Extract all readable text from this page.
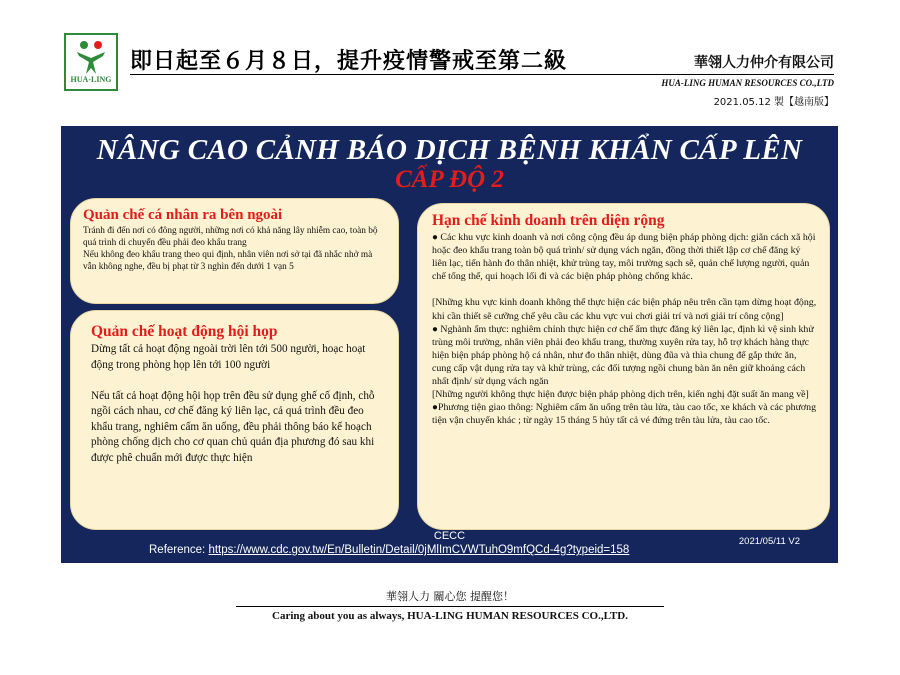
HUA-LING
即日起至６月８日，提升疫情警戒至第二級	華翎人力仲介有限公司
HUA-LING HUMAN RESOURCES CO.,LTD
2021.05.12 製【越南版】
NÂNG CAO CẢNH BÁO DỊCH BỆNH KHẨN CẤP LÊN
CẤP ĐỘ 2
Quản chế cá nhân ra bên ngoài

Tránh đi đến nơi có đông người, những nơi có khả năng lây nhiễm cao, toàn bộ quá trình di chuyển đều phải đeo khẩu trang
Nếu không đeo khẩu trang theo qui định, nhân viên nơi sở tại đã nhắc nhở mà vẫn không nghe, đều bị phạt từ 3 nghìn đến dưới 1 vạn 5

Quản chế hoạt động hội họp

Dừng tất cả hoạt động ngoài trời lên tới 500 người, hoạc hoạt động trong phòng họp lên tới 100 người

Nếu tất cả hoạt động hội họp trên đều sử dụng ghế cố định, chỗ ngồi cách nhau, cơ chế đăng ký liên lạc, cả quá trình đều đeo khẩu trang, nghiêm cấm ăn uống, đều phải thông báo kế hoạch phòng chống dịch cho cơ quan chủ quản địa phương đó sau khi được phê chuẩn mới được thực hiện

Hạn chế kinh doanh trên diện rộng

● Các khu vực kinh doanh và nơi công cộng đều áp dung biện pháp phòng dịch: giãn cách xã hội hoặc đeo khẩu trang toàn bộ quá trình/ sử dụng vách ngăn, đồng thời thiết lập cơ chế đăng ký liên lạc, tiến hành đo thân nhiệt, khử trùng tay, môi trường sạch sẽ, quản chế lượng người, quản chế tổng thể, qui hoạch lối đi và các biện pháp phòng chống khác.

[Những khu vực kinh doanh không thể thực hiện các biện pháp nêu trên cần tạm dừng hoạt động, khi cần thiết sẽ cưỡng chế yêu cầu các khu vực vui chơi giải trí và nơi giải trí công cộng]
● Nghành ẩm thực: nghiêm chỉnh thực hiện cơ chế ẩm thực đăng ký liên lạc, định kì vệ sinh khử trùng môi trường, nhân viên phải đeo khẩu trang, thường xuyên rửa tay, hỗ trợ khách hàng thực hiện biện pháp phòng hộ cá nhân, như đo thân nhiệt, dùng đũa và thìa chung để gắp thức ăn, cung cấp vật dụng rửa tay và khử trùng, các đối tượng ngồi chung bàn ăn nên giữ khoảng cách nhất định/ sử dụng vách ngăn
[Những người không thực hiện được biện pháp phòng dịch trên, kiến nghị đặt suất ăn mang về]
●Phương tiện giao thông: Nghiêm cấm ăn uống trên tàu lửa, tàu cao tốc, xe khách và các phương tiện vận chuyển khác ; từ ngày 15 tháng 5 hủy tất cả vé đứng trên tàu lửa, tàu cao tốc.

CECC
Reference: https://www.cdc.gov.tw/En/Bulletin/Detail/0jMlImCVWTuhO9mfQCd-4g?typeid=158
2021/05/11 V2
華翎人力 關心您 提醒您！
Caring about you as always, HUA-LING HUMAN RESOURCES CO.,LTD.
